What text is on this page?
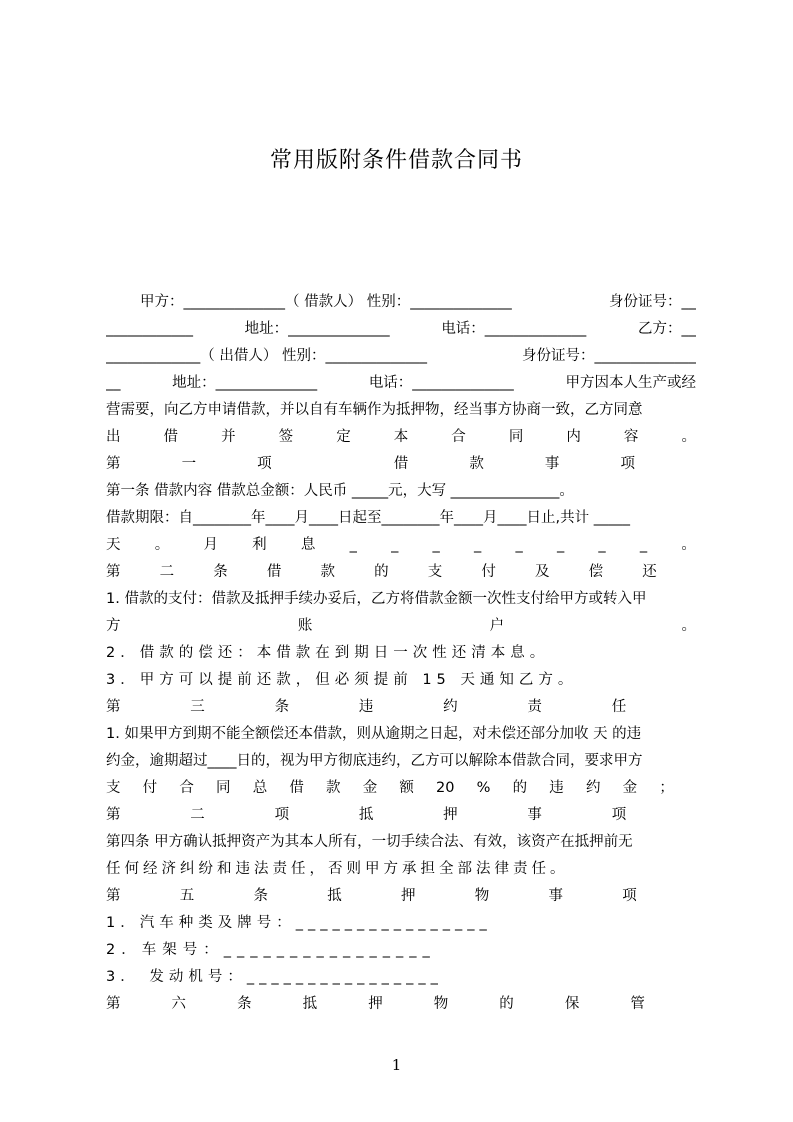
常用版附条件借款合同书
甲方：______________（ 借款人） 性别：______________	身份证号：__
____________	地址：______________	电话：______________	乙方：__
_____________（ 出借人） 性别：______________	身份证号：______________
__	地址：______________	电话：______________	甲方因本人生产或经
营需要，向乙方申请借款，并以自有车辆作为抵押物，经当事方协商一致，乙方同意
出	借	并	签	定	本	合	同	内	容	。
第	一	项	借	款	事	项
第一条 借款内容 借款总金额：人民币 _____元，大写 _______________。
借款期限：自________年____月____日起至________年____月____日止,共计 _____
天 。 月 利 息 _ _ _ _ _ _ _ _ 。
第	二	条	借	款	的	支	付	及	偿	还
1. 借款的支付：借款及抵押手续办妥后，乙方将借款金额一次性支付给甲方或转入甲
方	账	户	。
2．借款的偿还：本借款在到期日一次性还清本息。
3．甲方可以提前还款，但必须提前 15 天通知乙方。
第	三	条	违	约	责	任
1. 如果甲方到期不能全额偿还本借款，则从逾期之日起，对未偿还部分加收 天 的违
约金，逾期超过____日的，视为甲方彻底违约，乙方可以解除本借款合同，要求甲方
支 付 合 同 总 借 款 金 额 20 % 的 违 约 金 ；
第	二	项	抵	押	事	项
第四条 甲方确认抵押资产为其本人所有，一切手续合法、有效，该资产在抵押前无
任何经济纠纷和违法责任，否则甲方承担全部法律责任。
第	五	条	抵	押	物	事	项
1．汽车种类及牌号：________________
2．车架号：________________
3． 发动机号：________________
第	六	条	抵	押	物	的	保	管
1
